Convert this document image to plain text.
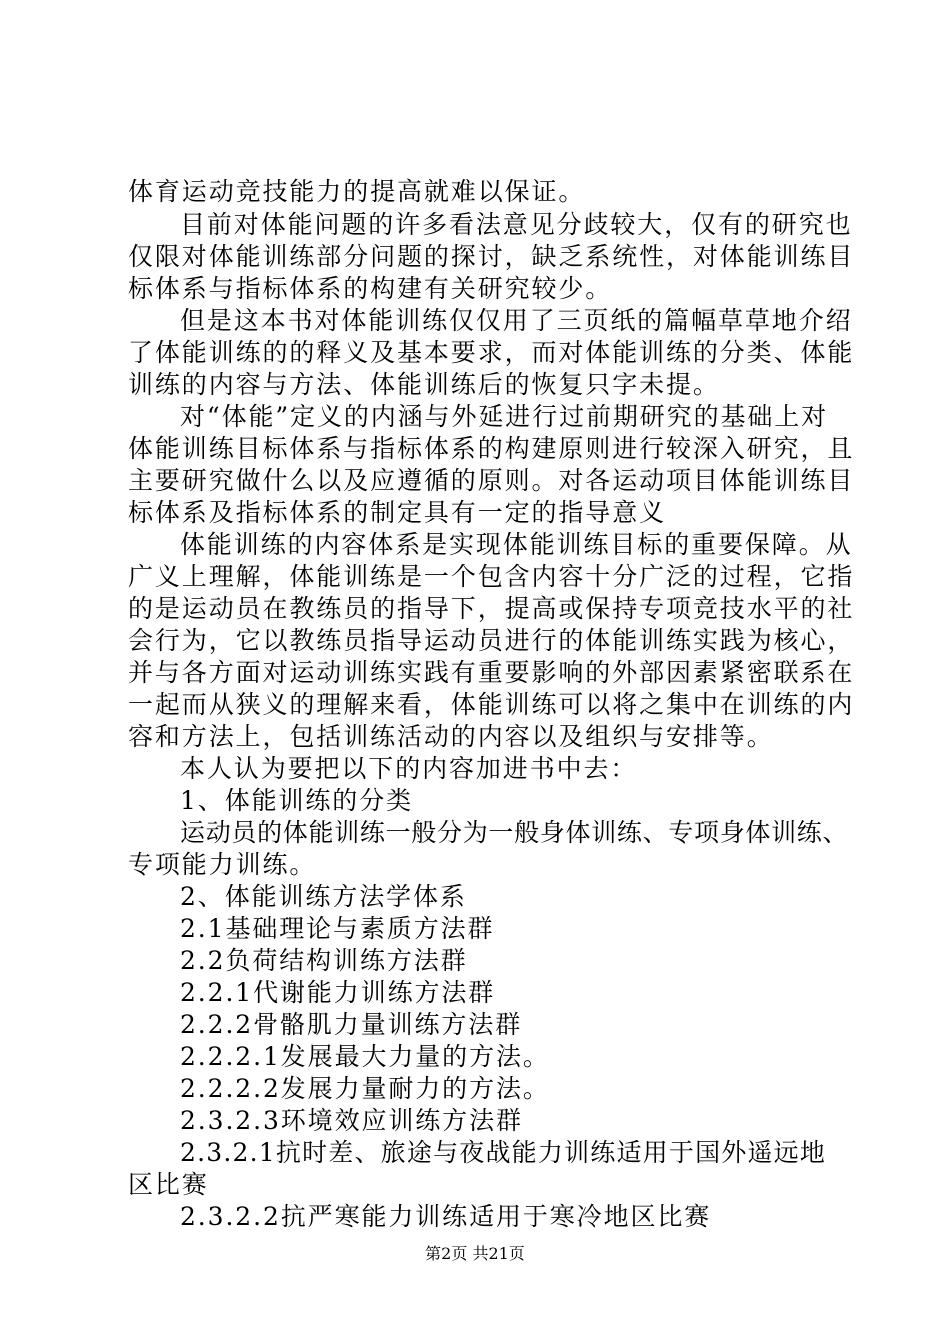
体育运动竞技能力的提高就难以保证。
目前对体能问题的许多看法意见分歧较大，仅有的研究也
仅限对体能训练部分问题的探讨，缺乏系统性，对体能训练目
标体系与指标体系的构建有关研究较少。
但是这本书对体能训练仅仅用了三页纸的篇幅草草地介绍
了体能训练的的释义及基本要求，而对体能训练的分类、体能
训练的内容与方法、体能训练后的恢复只字未提。
对“体能”定义的内涵与外延进行过前期研究的基础上对
体能训练目标体系与指标体系的构建原则进行较深入研究，且
主要研究做什么以及应遵循的原则。对各运动项目体能训练目
标体系及指标体系的制定具有一定的指导意义
体能训练的内容体系是实现体能训练目标的重要保障。从
广义上理解，体能训练是一个包含内容十分广泛的过程，它指
的是运动员在教练员的指导下，提高或保持专项竞技水平的社
会行为，它以教练员指导运动员进行的体能训练实践为核心，
并与各方面对运动训练实践有重要影响的外部因素紧密联系在
一起而从狭义的理解来看，体能训练可以将之集中在训练的内
容和方法上，包括训练活动的内容以及组织与安排等。
本人认为要把以下的内容加进书中去：
1、体能训练的分类
运动员的体能训练一般分为一般身体训练、专项身体训练、
专项能力训练。
2、体能训练方法学体系
2.1基础理论与素质方法群
2.2负荷结构训练方法群
2.2.1代谢能力训练方法群
2.2.2骨骼肌力量训练方法群
2.2.2.1发展最大力量的方法。
2.2.2.2发展力量耐力的方法。
2.3.2.3环境效应训练方法群
2.3.2.1抗时差、旅途与夜战能力训练适用于国外遥远地
区比赛
2.3.2.2抗严寒能力训练适用于寒冷地区比赛
第2页 共21页
